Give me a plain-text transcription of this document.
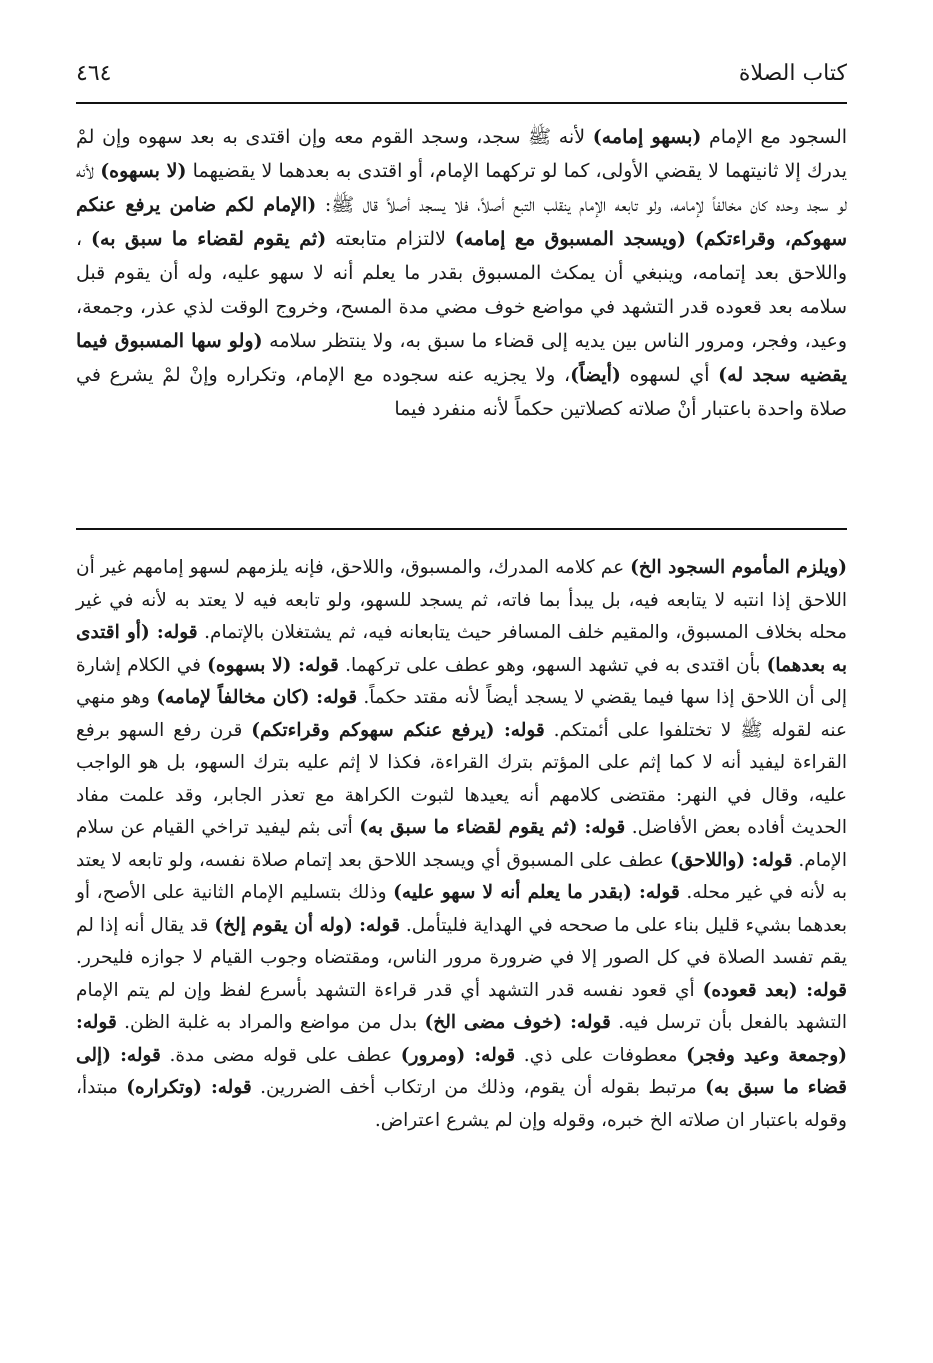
كتاب الصلاة
٤٦٤

السجود مع الإمام (بسهو إمامه) لأنه ﷺ سجد، وسجد القوم معه وإن اقتدى به بعد سهوه وإن لمْ يدرك إلا ثانيتهما لا يقضي الأولى، كما لو تركهما الإمام، أو اقتدى به بعدهما لا يقضيهما (لا بسهوه) لأنه لو سجد وحده كان مخالفاً لإمامه، ولو تابعه الإمام ينقلب التبع أصلاً، فلا يسجد أصلاً قال ﷺ: (الإمام لكم ضامن يرفع عنكم سهوكم، وقراءتكم) (ويسجد المسبوق مع إمامه) لالتزام متابعته (ثم يقوم لقضاء ما سبق به) ، واللاحق بعد إتمامه، وينبغي أن يمكث المسبوق بقدر ما يعلم أنه لا سهو عليه، وله أن يقوم قبل سلامه بعد قعوده قدر التشهد في مواضع خوف مضي مدة المسح، وخروج الوقت لذي عذر، وجمعة، وعيد، وفجر، ومرور الناس بين يديه إلى قضاء ما سبق به، ولا ينتظر سلامه (ولو سها المسبوق فيما يقضيه سجد له) أي لسهوه (أيضاً)، ولا يجزيه عنه سجوده مع الإمام، وتكراره وإنْ لمْ يشرع في صلاة واحدة باعتبار أنْ صلاته كصلاتين حكماً لأنه منفرد فيما

(ويلزم المأموم السجود الخ) عم كلامه المدرك، والمسبوق، واللاحق، فإنه يلزمهم لسهو إمامهم غير أن اللاحق إذا انتبه لا يتابعه فيه، بل يبدأ بما فاته، ثم يسجد للسهو، ولو تابعه فيه لا يعتد به لأنه في غير محله بخلاف المسبوق، والمقيم خلف المسافر حيث يتابعانه فيه، ثم يشتغلان بالإتمام. قوله: (أو اقتدى به بعدهما) بأن اقتدى به في تشهد السهو، وهو عطف على تركهما. قوله: (لا بسهوه) في الكلام إشارة إلى أن اللاحق إذا سها فيما يقضي لا يسجد أيضاً لأنه مقتد حكماً. قوله: (كان مخالفاً لإمامه) وهو منهي عنه لقوله ﷺ لا تختلفوا على أئمتكم. قوله: (يرفع عنكم سهوكم وقراءتكم) قرن رفع السهو برفع القراءة ليفيد أنه لا كما إثم على المؤتم بترك القراءة، فكذا لا إثم عليه بترك السهو، بل هو الواجب عليه، وقال في النهر: مقتضى كلامهم أنه يعيدها لثبوت الكراهة مع تعذر الجابر، وقد علمت مفاد الحديث أفاده بعض الأفاضل. قوله: (ثم يقوم لقضاء ما سبق به) أتى بثم ليفيد تراخي القيام عن سلام الإمام. قوله: (واللاحق) عطف على المسبوق أي ويسجد اللاحق بعد إتمام صلاة نفسه، ولو تابعه لا يعتد به لأنه في غير محله. قوله: (بقدر ما يعلم أنه لا سهو عليه) وذلك بتسليم الإمام الثانية على الأصح، أو بعدهما بشيء قليل بناء على ما صححه في الهداية فليتأمل. قوله: (وله أن يقوم إلخ) قد يقال أنه إذا لم يقم تفسد الصلاة في كل الصور إلا في ضرورة مرور الناس، ومقتضاه وجوب القيام لا جوازه فليحرر. قوله: (بعد قعوده) أي قعود نفسه قدر التشهد أي قدر قراءة التشهد بأسرع لفظ وإن لم يتم الإمام التشهد بالفعل بأن ترسل فيه. قوله: (خوف مضى الخ) بدل من مواضع والمراد به غلبة الظن. قوله: (وجمعة وعيد وفجر) معطوفات على ذي. قوله: (ومرور) عطف على قوله مضى مدة. قوله: (إلى قضاء ما سبق به) مرتبط بقوله أن يقوم، وذلك من ارتكاب أخف الضررين. قوله: (وتكراره) مبتدأ، وقوله باعتبار ان صلاته الخ خبره، وقوله وإن لم يشرع اعتراض.
